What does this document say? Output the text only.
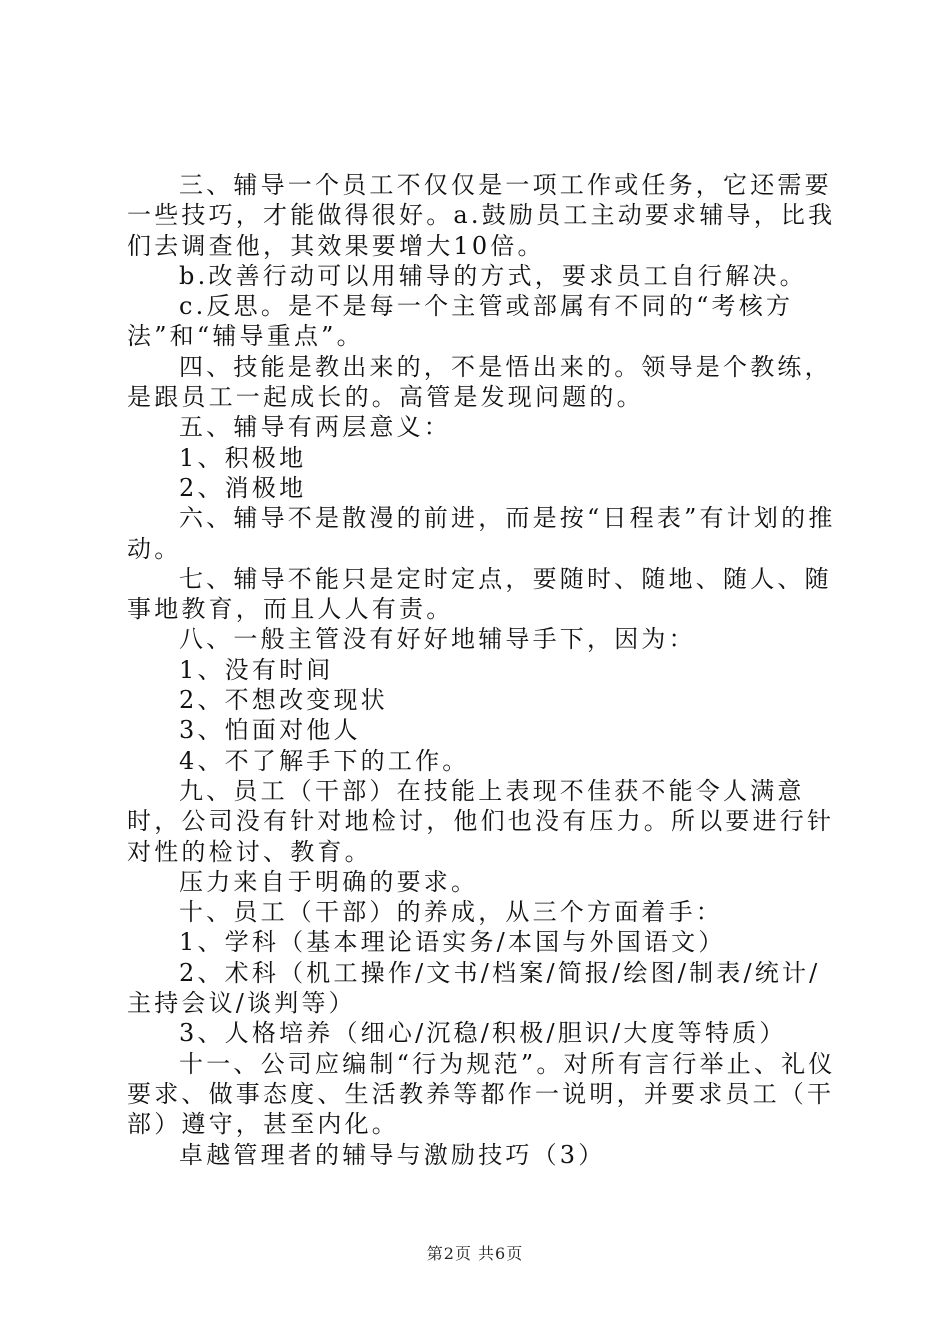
三、辅导一个员工不仅仅是一项工作或任务，它还需要一些技巧，才能做得很好。a.鼓励员工主动要求辅导，比我们去调查他，其效果要增大10倍。

b.改善行动可以用辅导的方式，要求员工自行解决。

c.反思。是不是每一个主管或部属有不同的“考核方法”和“辅导重点”。

四、技能是教出来的，不是悟出来的。领导是个教练，是跟员工一起成长的。高管是发现问题的。

五、辅导有两层意义：

1、积极地

2、消极地

六、辅导不是散漫的前进，而是按“日程表”有计划的推动。

七、辅导不能只是定时定点，要随时、随地、随人、随事地教育，而且人人有责。

八、一般主管没有好好地辅导手下，因为：

1、没有时间

2、不想改变现状

3、怕面对他人

4、不了解手下的工作。

九、员工（干部）在技能上表现不佳获不能令人满意时，公司没有针对地检讨，他们也没有压力。所以要进行针对性的检讨、教育。

压力来自于明确的要求。

十、员工（干部）的养成，从三个方面着手：

1、学科（基本理论语实务/本国与外国语文）

2、术科（机工操作/文书/档案/简报/绘图/制表/统计/主持会议/谈判等）

3、人格培养（细心/沉稳/积极/胆识/大度等特质）

十一、公司应编制“行为规范”。对所有言行举止、礼仪要求、做事态度、生活教养等都作一说明，并要求员工（干部）遵守，甚至内化。

卓越管理者的辅导与激励技巧（3）

第2页 共6页
